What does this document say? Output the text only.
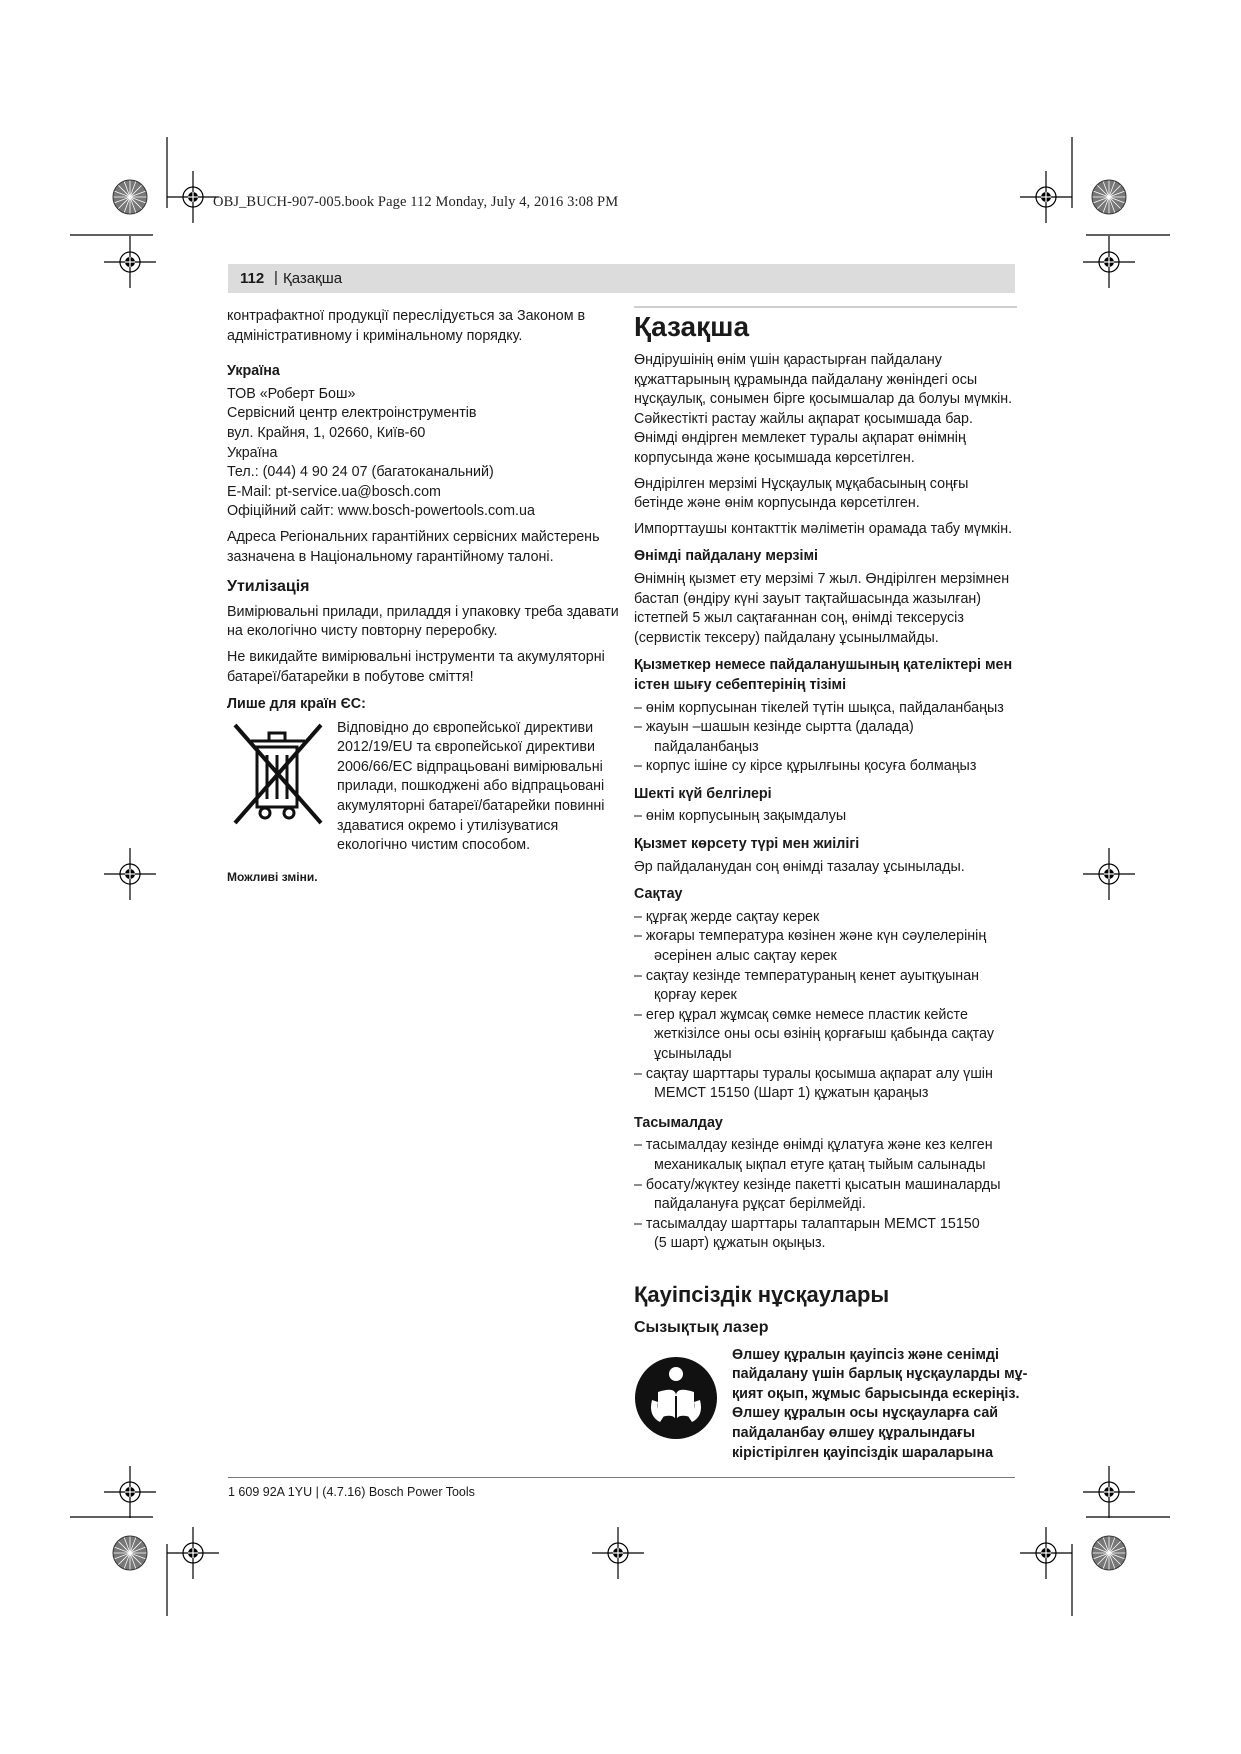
OBJ_BUCH-907-005.book Page 112 Monday, July 4, 2016 3:08 PM
112 | Қазақша

контрафактної продукції переслідується за Законом в
адміністративному і кримінальному порядку.

Україна
ТОВ «Роберт Бош»
Сервісний центр електроінструментів
вул. Крайня, 1, 02660, Київ-60
Україна
Тел.: (044) 4 90 24 07 (багатоканальний)
E-Mail: pt-service.ua@bosch.com
Офіційний сайт: www.bosch-powertools.com.ua
Адреса Регіональних гарантійних сервісних майстерень
зазначена в Національному гарантійному талоні.
Утилізація
Вимірювальні прилади, приладдя і упаковку треба здавати
на екологічно чисту повторну переробку.
Не викидайте вимірювальні інструменти та акумуляторні
батареї/батарейки в побутове сміття!
Лише для країн ЄС:
Відповідно до європейської директиви
2012/19/EU та європейської директиви
2006/66/EC відпрацьовані вимірювальні
прилади, пошкоджені або відпрацьовані
акумуляторні батареї/батарейки повинні
здаватися окремо і утилізуватися
екологічно чистим способом.
Можливі зміни.
Қазақша
Өндірушінің өнім үшін қарастырған пайдалану
құжаттарының құрамында пайдалану жөніндегі осы
нұсқаулық, сонымен бірге қосымшалар да болуы мүмкін.
Сәйкестікті растау жайлы ақпарат қосымшада бар.
Өнімді өндірген мемлекет туралы ақпарат өнімнің
корпусында және қосымшада көрсетілген.
Өндірілген мерзімі Нұсқаулық мұқабасының соңғы
бетінде және өнім корпусында көрсетілген.
Импорттаушы контакттік мәліметін орамада табу мүмкін.
Өнімді пайдалану мерзімі
Өнімнің қызмет ету мерзімі 7 жыл. Өндірілген мерзімнен
бастап (өндіру күні зауыт тақтайшасында жазылған)
істетпей 5 жыл сақтағаннан соң, өнімді тексерусіз
(сервистік тексеру) пайдалану ұсынылмайды.
Қызметкер немесе пайдаланушының қателіктері мен
істен шығу себептерінің тізімі
– өнім корпусынан тікелей түтін шықса, пайдаланбаңыз
– жауын –шашын кезінде сыртта (далада)
пайдаланбаңыз
– корпус ішіне су кірсе құрылғыны қосуға болмаңыз
Шекті күй белгілері
– өнім корпусының зақымдалуы
Қызмет көрсету түрі мен жиілігі
Әр пайдаланудан соң өнімді тазалау ұсынылады.
Сақтау
– құрғақ жерде сақтау керек
– жоғары температура көзінен және күн сәулелерінің
әсерінен алыс сақтау керек
– сақтау кезінде температураның кенет ауытқуынан
қорғау керек
– егер құрал жұмсақ сөмке немесе пластик кейсте
жеткізілсе оны осы өзінің қорғағыш қабында сақтау
ұсынылады
– сақтау шарттары туралы қосымша ақпарат алу үшін
МЕМСТ 15150 (Шарт 1) құжатын қараңыз
Тасымалдау
– тасымалдау кезінде өнімді құлатуға және кез келген
механикалық ықпал етуге қатаң тыйым салынады
– босату/жүктеу кезінде пакетті қысатын машиналарды
пайдалануға рұқсат берілмейді.
– тасымалдау шарттары талаптарын МЕМСТ 15150
(5 шарт) құжатын оқыңыз.
Қауіпсіздік нұсқаулары
Сызықтық лазер
Өлшеу құралын қауіпсіз және сенімді
пайдалану үшін барлық нұсқауларды мұ-
қият оқып, жұмыс барысында ескеріңіз.
Өлшеу құралын осы нұсқауларға сай
пайдаланбау өлшеу құралындағы
кірістірілген қауіпсіздік шараларына
1 609 92A 1YU | (4.7.16) Bosch Power Tools
